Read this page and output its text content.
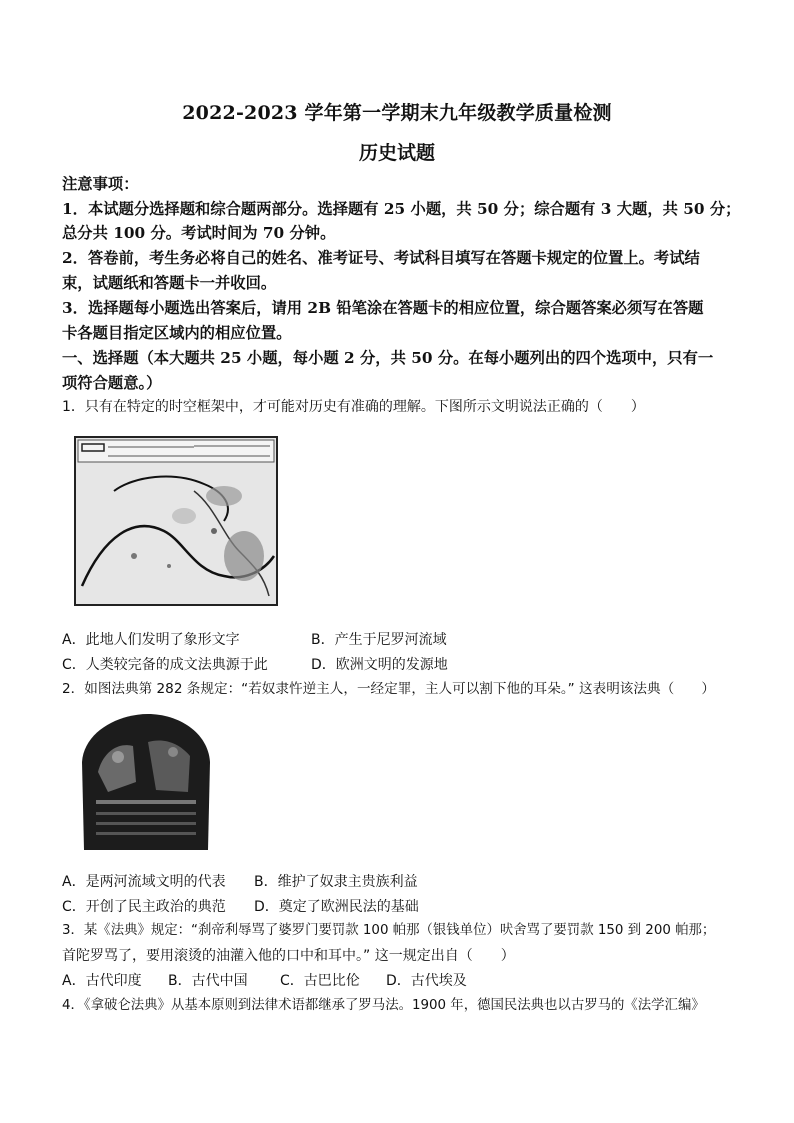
2022-2023 学年第一学期末九年级教学质量检测
历史试题
注意事项：
1．本试题分选择题和综合题两部分。选择题有 25 小题，共 50 分；综合题有 3 大题，共 50 分；
总分共 100 分。考试时间为 70 分钟。
2．答卷前，考生务必将自己的姓名、准考证号、考试科目填写在答题卡规定的位置上。考试结
束，试题纸和答题卡一并收回。
3．选择题每小题选出答案后，请用 2B 铅笔涂在答题卡的相应位置，综合题答案必须写在答题
卡各题目指定区域内的相应位置。
一、选择题（本大题共 25 小题，每小题 2 分，共 50 分。在每小题列出的四个选项中，只有一
项符合题意。）
1．只有在特定的时空框架中，才可能对历史有准确的理解。下图所示文明说法正确的（　　）
A．此地人们发明了象形文字	B．产生于尼罗河流域
C．人类较完备的成文法典源于此	D．欧洲文明的发源地
2．如图法典第 282 条规定：“若奴隶忤逆主人，一经定罪，主人可以割下他的耳朵。” 这表明该法典（　　）
A．是两河流域文明的代表 B．维护了奴隶主贵族利益
C．开创了民主政治的典范 D．奠定了欧洲民法的基础
3．某《法典》规定：“刹帝利辱骂了婆罗门要罚款 100 帕那（银钱单位）吠舍骂了要罚款 150 到 200 帕那；
首陀罗骂了，要用滚烫的油灌入他的口中和耳中。” 这一规定出自（　　）
A．古代印度 B．古代中国 C．古巴比伦 D．古代埃及
4．《拿破仑法典》从基本原则到法律术语都继承了罗马法。1900 年，德国民法典也以古罗马的《法学汇编》
